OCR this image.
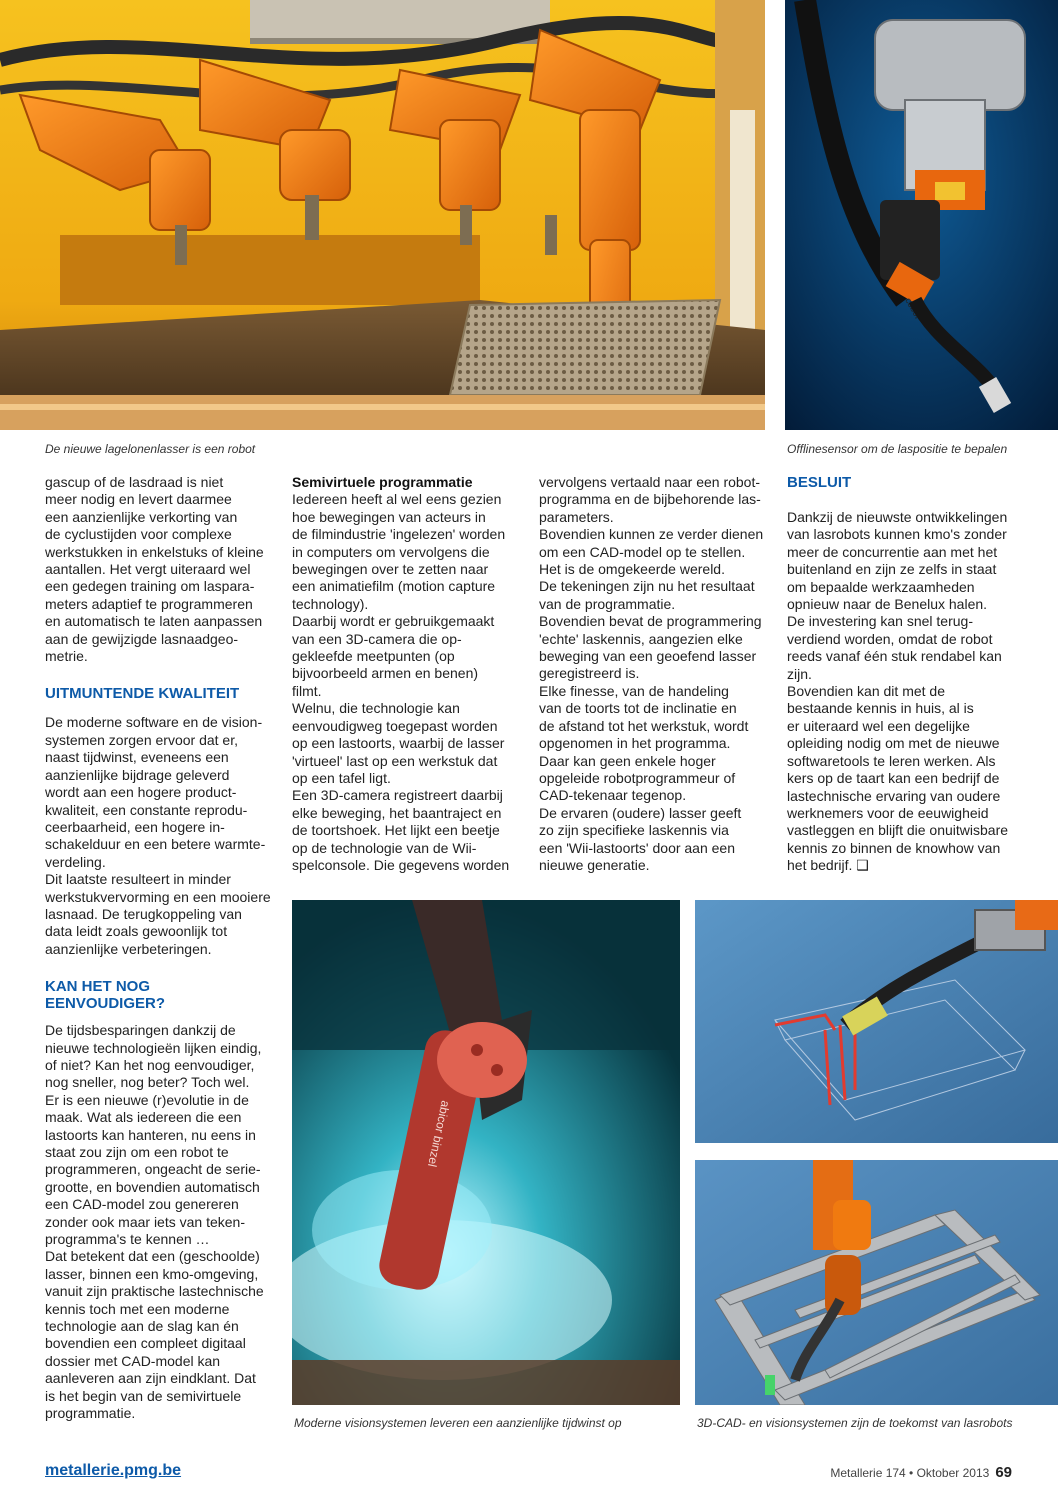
cobot
De nieuwe lagelonenlasser is een robot	Offlinesensor om de laspositie te bepalen
gascup of de lasdraad is niet
meer nodig en levert daarmee
een aanzienlijke verkorting van
de cyclustijden voor complexe
werkstukken in enkelstuks of kleine
aantallen. Het vergt uiteraard wel
een gedegen training om laspara-
meters adaptief te programmeren
en automatisch te laten aanpassen
aan de gewijzigde lasnaadgeo-
metrie.
UITMUNTENDE KWALITEIT
De moderne software en de vision-
systemen zorgen ervoor dat er,
naast tijdwinst, eveneens een
aanzienlijke bijdrage geleverd
wordt aan een hogere product-
kwaliteit, een constante reprodu-
ceerbaarheid, een hogere in-
schakelduur en een betere warmte-
verdeling.
Dit laatste resulteert in minder
werkstukvervorming en een mooiere
lasnaad. De terugkoppeling van
data leidt zoals gewoonlijk tot
aanzienlijke verbeteringen.
KAN HET NOG
EENVOUDIGER?
De tijdsbesparingen dankzij de
nieuwe technologieën lijken eindig,
of niet? Kan het nog eenvoudiger,
nog sneller, nog beter? Toch wel.
Er is een nieuwe (r)evolutie in de
maak. Wat als iedereen die een
lastoorts kan hanteren, nu eens in
staat zou zijn om een robot te
programmeren, ongeacht de serie-
grootte, en bovendien automatisch
een CAD-model zou genereren
zonder ook maar iets van teken-
programma's te kennen …
Dat betekent dat een (geschoolde)
lasser, binnen een kmo-omgeving,
vanuit zijn praktische lastechnische
kennis toch met een moderne
technologie aan de slag kan én
bovendien een compleet digitaal
dossier met CAD-model kan
aanleveren aan zijn eindklant. Dat
is het begin van de semivirtuele
programmatie.
Semivirtuele programmatie
Iedereen heeft al wel eens gezien
hoe bewegingen van acteurs in
de filmindustrie 'ingelezen' worden
in computers om vervolgens die
bewegingen over te zetten naar
een animatiefilm (motion capture
technology).
Daarbij wordt er gebruikgemaakt
van een 3D-camera die op-
gekleefde meetpunten (op
bijvoorbeeld armen en benen)
filmt.
Welnu, die technologie kan
eenvoudigweg toegepast worden
op een lastoorts, waarbij de lasser
'virtueel' last op een werkstuk dat
op een tafel ligt.
Een 3D-camera registreert daarbij
elke beweging, het baantraject en
de toortshoek. Het lijkt een beetje
op de technologie van de Wii-
spelconsole. Die gegevens worden
vervolgens vertaald naar een robot-
programma en de bijbehorende las-
parameters.
Bovendien kunnen ze verder dienen
om een CAD-model op te stellen.
Het is de omgekeerde wereld.
De tekeningen zijn nu het resultaat
van de programmatie.
Bovendien bevat de programmering
'echte' laskennis, aangezien elke
beweging van een geoefend lasser
geregistreerd is.
Elke finesse, van de handeling
van de toorts tot de inclinatie en
de afstand tot het werkstuk, wordt
opgenomen in het programma.
Daar kan geen enkele hoger
opgeleide robotprogrammeur of
CAD-tekenaar tegenop.
De ervaren (oudere) lasser geeft
zo zijn specifieke laskennis via
een 'Wii-lastoorts' door aan een
nieuwe generatie.
BESLUIT
Dankzij de nieuwste ontwikkelingen
van lasrobots kunnen kmo's zonder
meer de concurrentie aan met het
buitenland en zijn ze zelfs in staat
om bepaalde werkzaamheden
opnieuw naar de Benelux halen.
De investering kan snel terug-
verdiend worden, omdat de robot
reeds vanaf één stuk rendabel kan
zijn.
Bovendien kan dit met de
bestaande kennis in huis, al is
er uiteraard wel een degelijke
opleiding nodig om met de nieuwe
softwaretools te leren werken. Als
kers op de taart kan een bedrijf de
lastechnische ervaring van oudere
werknemers voor de eeuwigheid
vastleggen en blijft die onuitwisbare
kennis zo binnen de knowhow van
het bedrijf. ❑
abicor binzel
Moderne visionsystemen leveren een aanzienlijke tijdwinst op	3D-CAD- en visionsystemen zijn de toekomst van lasrobots
metallerie.pmg.be	Metallerie 174 • Oktober 2013 69
